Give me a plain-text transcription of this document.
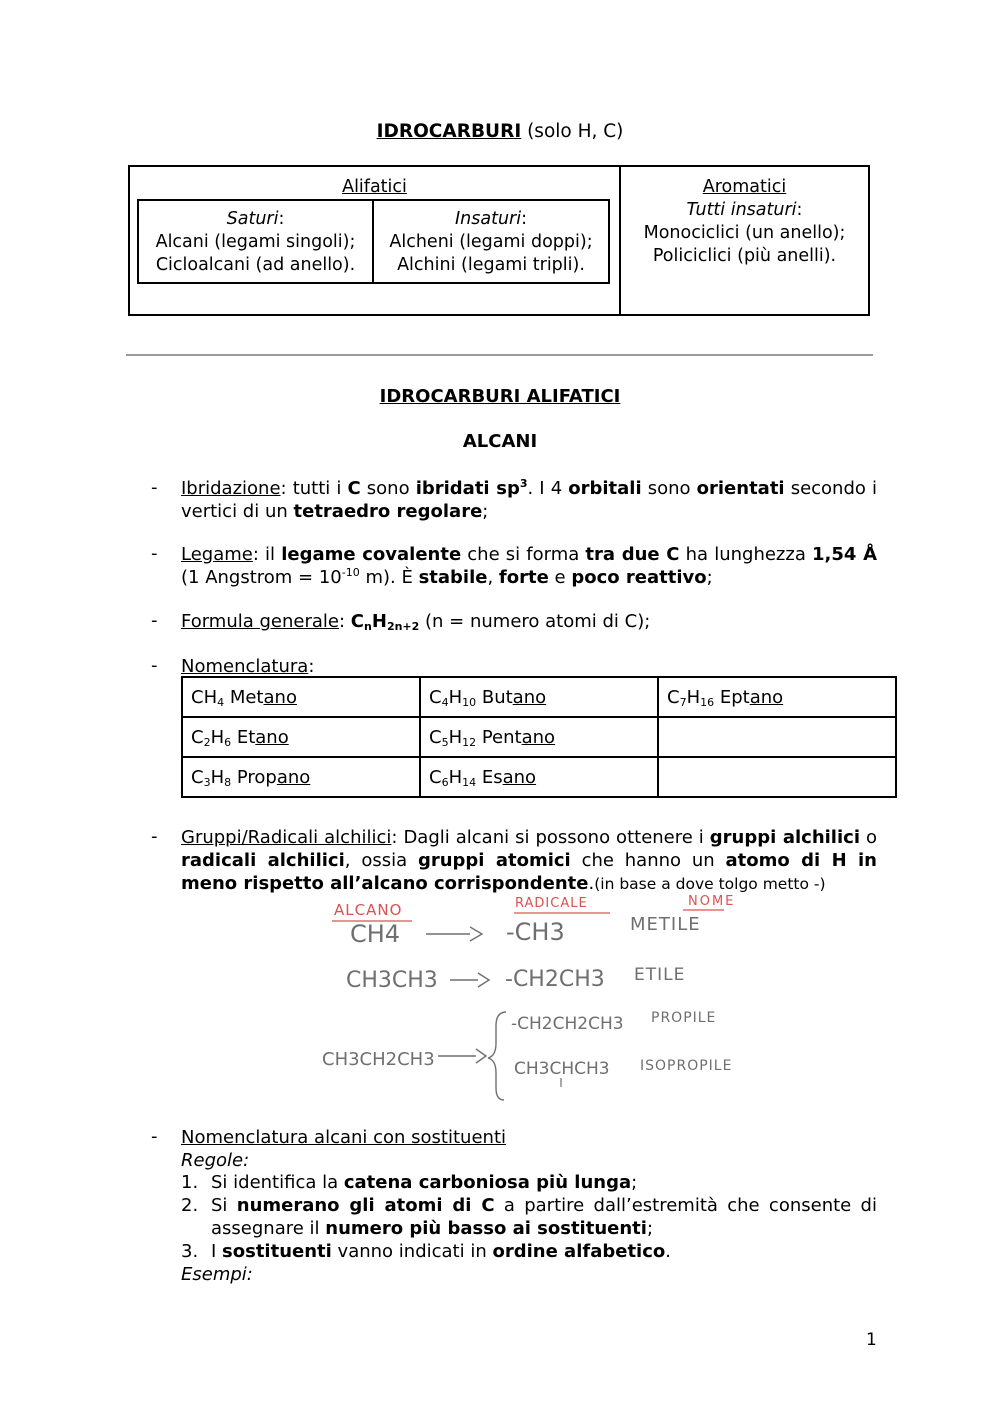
IDROCARBURI (solo H, C)
Alifatici
Saturi:
Alcani (legami singoli);
Cicloalcani (ad anello).
Insaturi:
Alcheni (legami doppi);
Alchini (legami tripli).
Aromatici
Tutti insaturi:
Monociclici (un anello);
Policiclici (più anelli).
IDROCARBURI ALIFATICI
ALCANI
- Ibridazione: tutti i C sono ibridati $sp^3$. I 4 orbitali sono orientati secondo i vertici di un tetraedro regolare;
- Legame: il legame covalente che si forma tra due C ha lunghezza 1,54 Å (1 Angstrom = $10^{-10}$ m). È stabile, forte e poco reattivo;
- Formula generale: $C_nH_{2n+2}$ (n = numero atomi di C);
- Nomenclatura:
$CH_4$ Metano	$C_4H_{10}$ Butano	$C_7H_{16}$ Eptano
$C_2H_6$ Etano	$C_5H_{12}$ Pentano	
$C_3H_8$ Propano	$C_6H_{14}$ Esano	
- Gruppi/Radicali alchilici: Dagli alcani si possono ottenere i gruppi alchilici o radicali alchilici, ossia gruppi atomici che hanno un atomo di H in meno rispetto all’alcano corrispondente.(in base a dove tolgo metto -)
ALCANO	RADICALE	NOME
CH4	-CH3	METILE
CH3CH3	-CH2CH3 ETILE
CH3CH2CH3
-CH2CH2CH3 PROPILE
CH3CHCH3 ISOPROPILE
- Nomenclatura alcani con sostituenti
Regole:
1. Si identifica la catena carboniosa più lunga;
2. Si numerano gli atomi di C a partire dall’estremità che consente di assegnare il numero più basso ai sostituenti;
3. I sostituenti vanno indicati in ordine alfabetico.
Esempi:
1
